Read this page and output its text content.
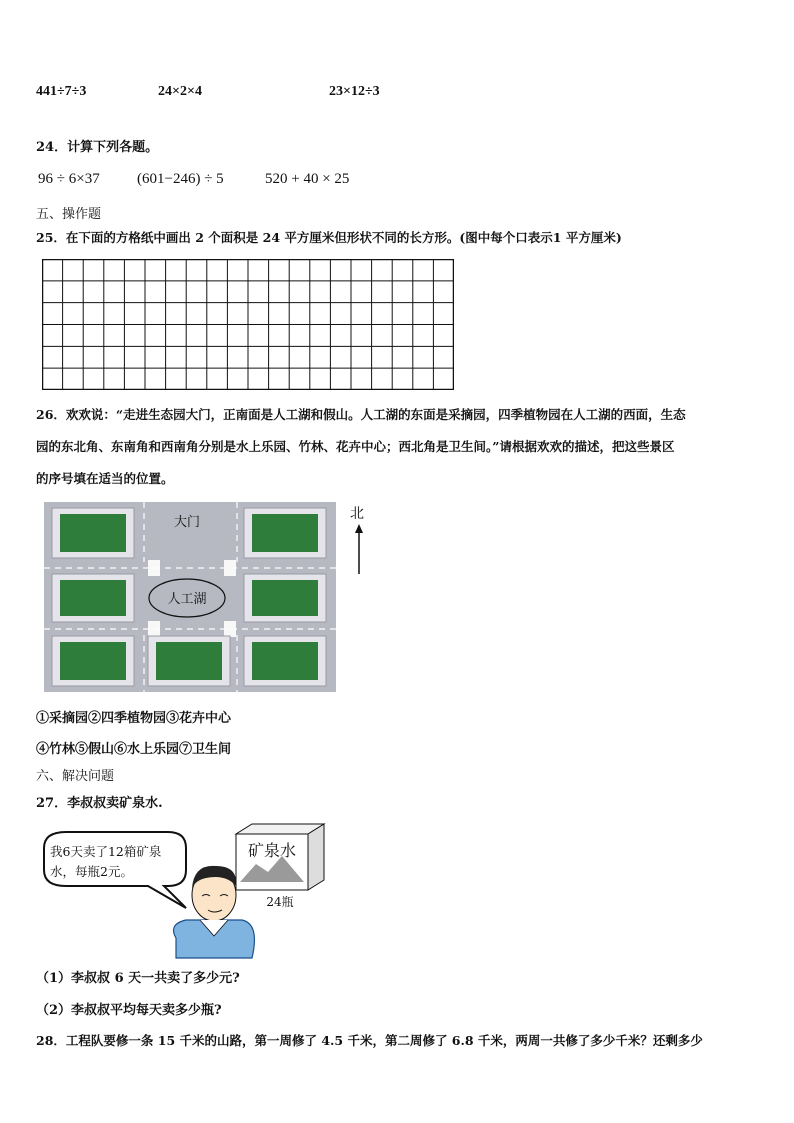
441÷7÷3	24×2×4	23×12÷3
24．计算下列各题。
96 ÷ 6×37 (601−246) ÷ 5	520 + 40 × 25
五、操作题
25．在下面的方格纸中画出 2 个面积是 24 平方厘米但形状不同的长方形。(图中每个口表示1 平方厘米)
26．欢欢说：“走进生态园大门，正南面是人工湖和假山。人工湖的东面是采摘园，四季植物园在人工湖的西面，生态
园的东北角、东南角和西南角分别是水上乐园、竹林、花卉中心；西北角是卫生间。”请根据欢欢的描述，把这些景区
的序号填在适当的位置。
人工湖
大门
北
①采摘园②四季植物园③花卉中心
④竹林⑤假山⑥水上乐园⑦卫生间
六、解决问题
27．李叔叔卖矿泉水.
我6天卖了12箱矿泉
水，每瓶2元。
矿泉水
24瓶
（1）李叔叔 6 天一共卖了多少元?
（2）李叔叔平均每天卖多少瓶?
28．工程队要修一条 15 千米的山路，第一周修了 4.5 千米，第二周修了 6.8 千米，两周一共修了多少千米？还剩多少
